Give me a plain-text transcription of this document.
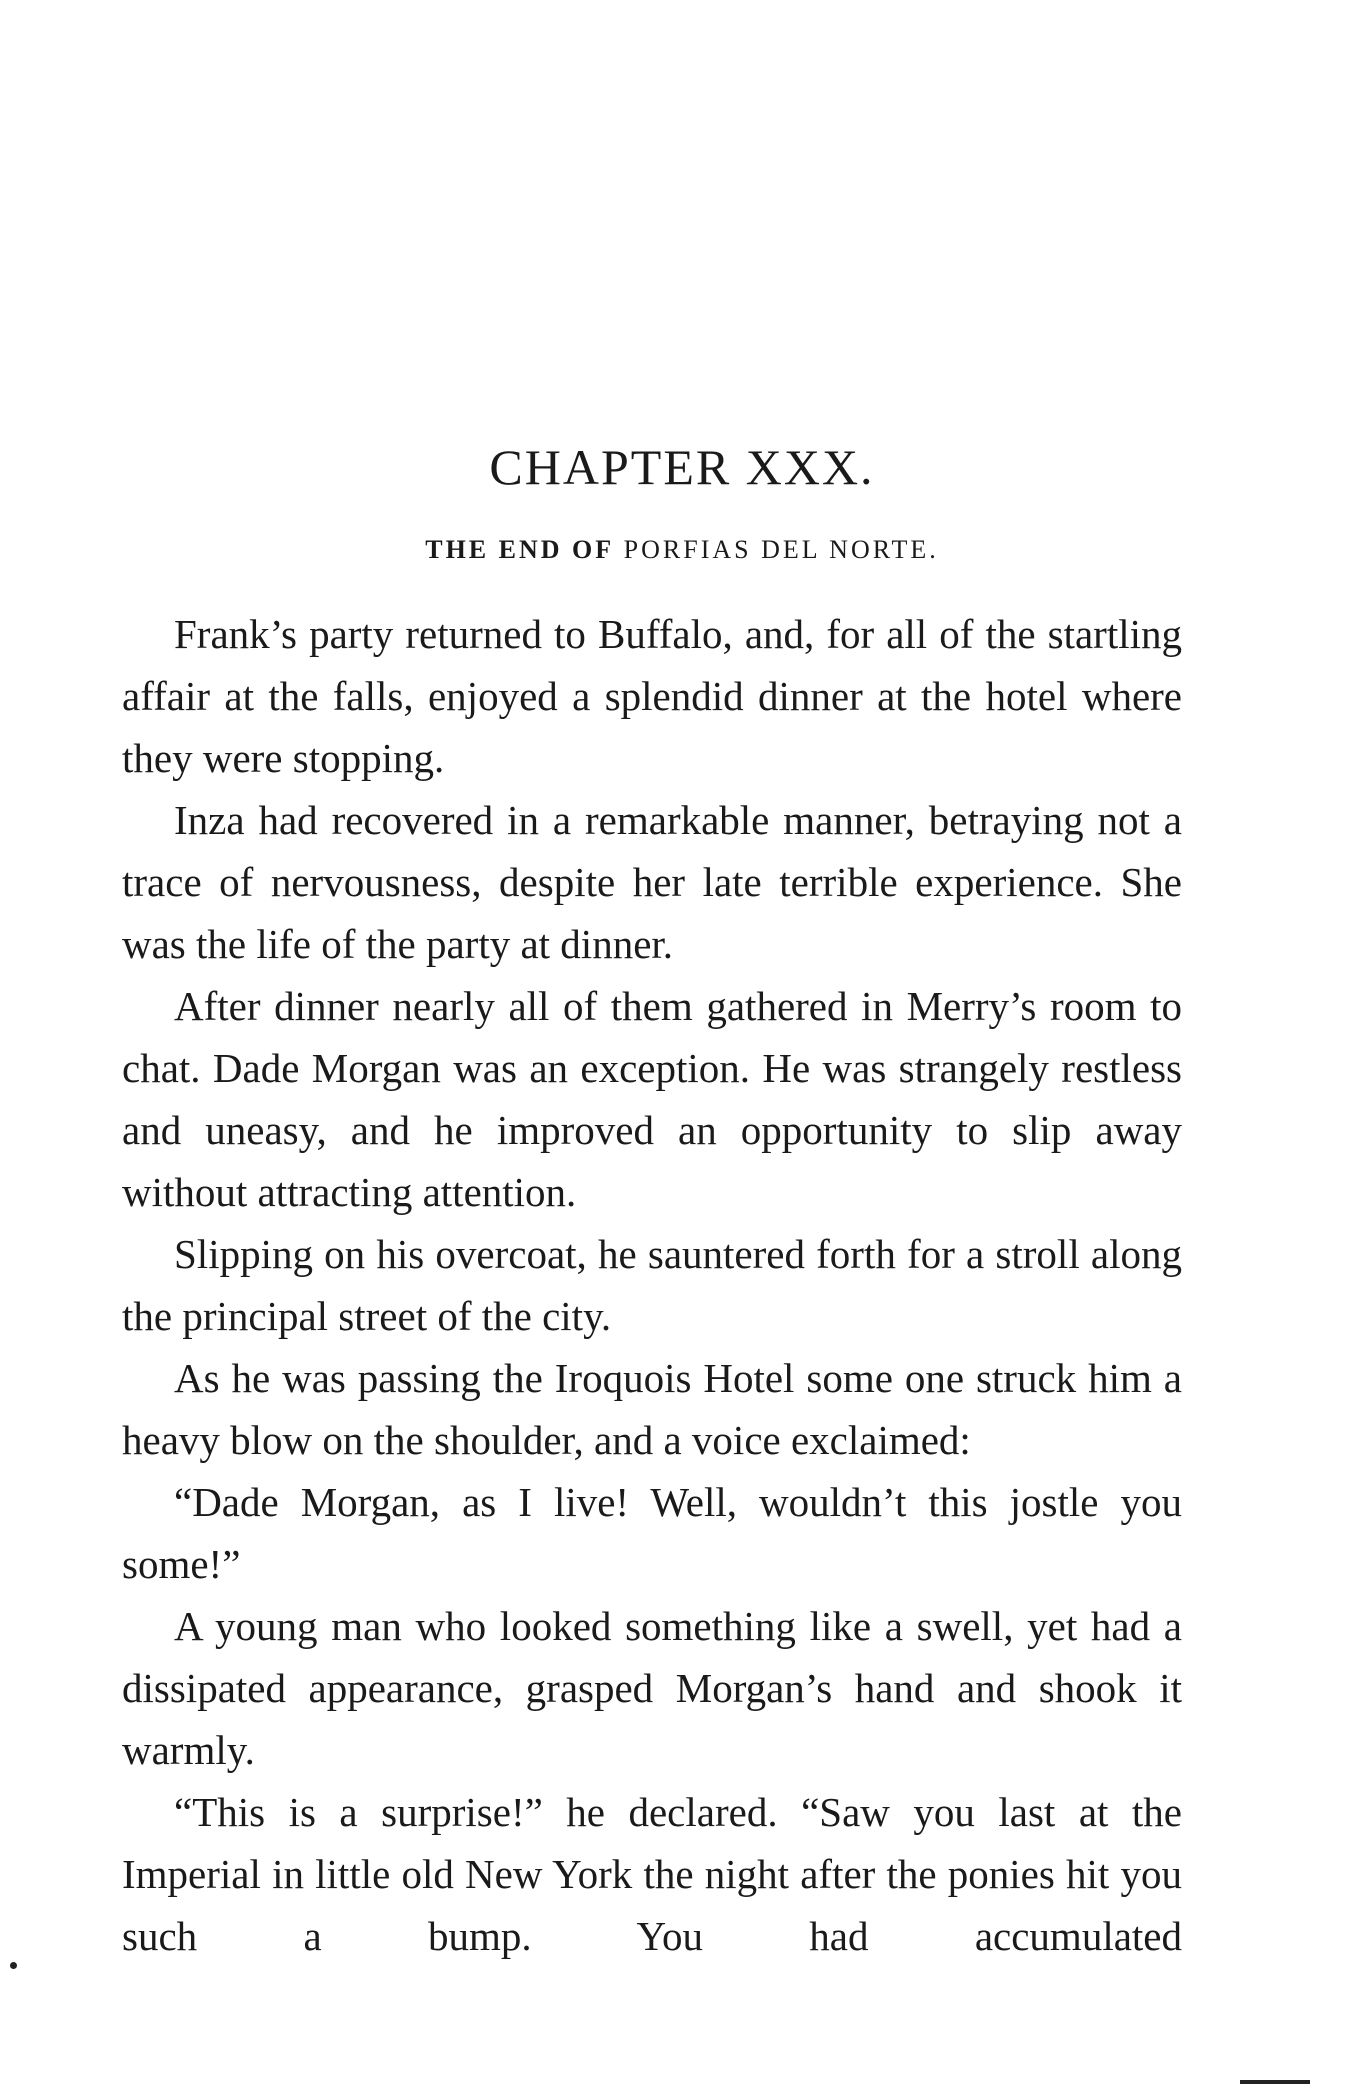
CHAPTER XXX.
THE END OF PORFIAS DEL NORTE.

Frank’s party returned to Buffalo, and, for all of the startling affair at the falls, enjoyed a splendid dinner at the hotel where they were stopping.

Inza had recovered in a remarkable manner, betraying not a trace of nervousness, despite her late terrible experience. She was the life of the party at dinner.

After dinner nearly all of them gathered in Merry’s room to chat. Dade Morgan was an exception. He was strangely restless and uneasy, and he improved an opportunity to slip away without attracting attention.

Slipping on his overcoat, he sauntered forth for a stroll along the principal street of the city.

As he was passing the Iroquois Hotel some one struck him a heavy blow on the shoulder, and a voice exclaimed:

“Dade Morgan, as I live! Well, wouldn’t this jostle you some!”

A young man who looked something like a swell, yet had a dissipated appearance, grasped Morgan’s hand and shook it warmly.

“This is a surprise!” he declared. “Saw you last at the Imperial in little old New York the night after the ponies hit you such a bump. You had accumulated
